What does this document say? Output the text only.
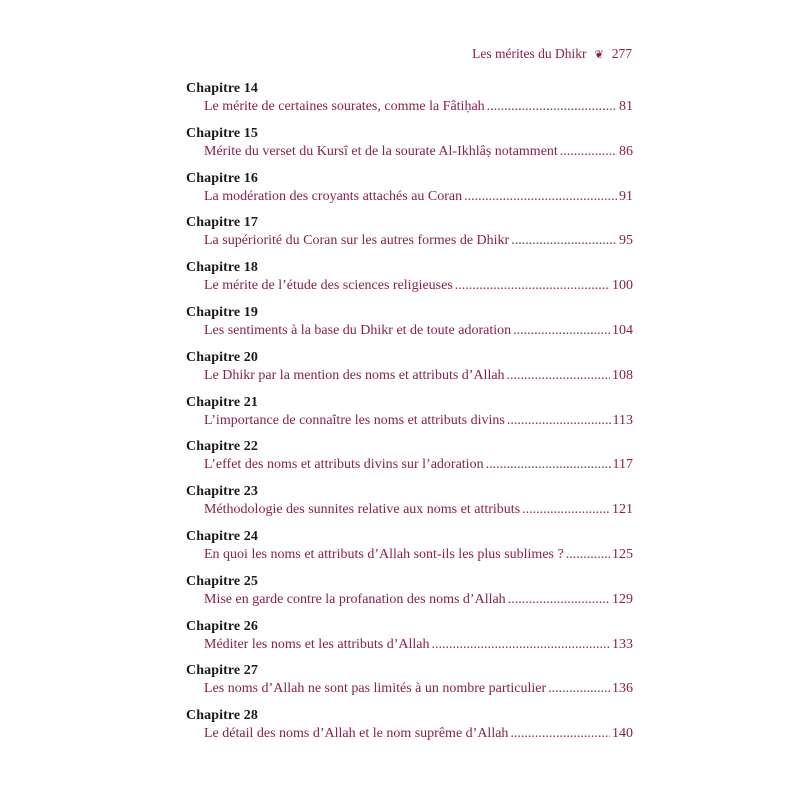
Les mérites du Dhikr ❦ 277
Chapitre 14
Le mérite de certaines sourates, comme la Fâtiḥah .....	81
Chapitre 15
Mérite du verset du Kursî et de la sourate Al-Ikhlâṣ notamment .....	86
Chapitre 16
La modération des croyants attachés au Coran .....	91
Chapitre 17
La supériorité du Coran sur les autres formes de Dhikr .....	95
Chapitre 18
Le mérite de l’étude des sciences religieuses .....	100
Chapitre 19
Les sentiments à la base du Dhikr et de toute adoration .....	104
Chapitre 20
Le Dhikr par la mention des noms et attributs d’Allah .....	108
Chapitre 21
L’importance de connaître les noms et attributs divins .....	113
Chapitre 22
L’effet des noms et attributs divins sur l’adoration .....	117
Chapitre 23
Méthodologie des sunnites relative aux noms et attributs .....	121
Chapitre 24
En quoi les noms et attributs d’Allah sont-ils les plus sublimes ? .....	125
Chapitre 25
Mise en garde contre la profanation des noms d’Allah .....	129
Chapitre 26
Méditer les noms et les attributs d’Allah .....	133
Chapitre 27
Les noms d’Allah ne sont pas limités à un nombre particulier .....	136
Chapitre 28
Le détail des noms d’Allah et le nom suprême d’Allah .....	140
